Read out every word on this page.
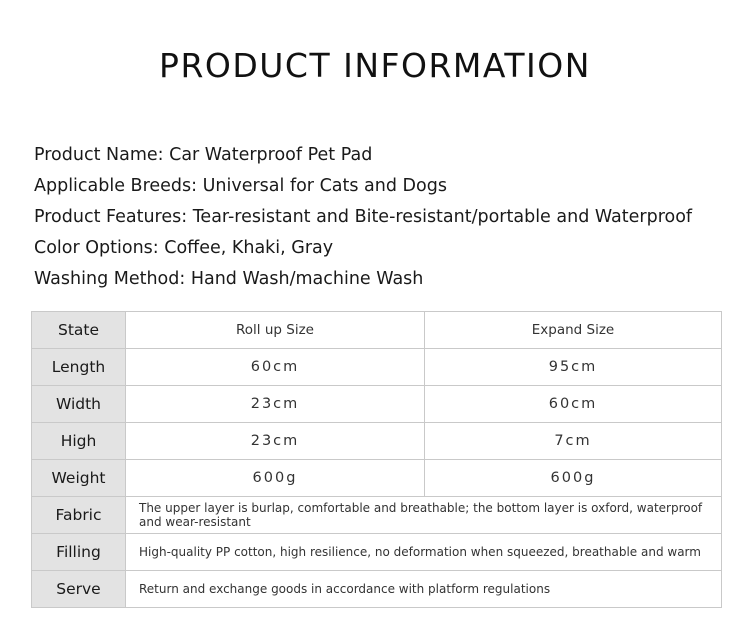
PRODUCT INFORMATION
Product Name: Car Waterproof Pet Pad
Applicable Breeds: Universal for Cats and Dogs
Product Features: Tear-resistant and Bite-resistant/portable and Waterproof
Color Options: Coffee, Khaki, Gray
Washing Method: Hand Wash/machine Wash
State	Roll up Size	Expand Size
Length	60cm	95cm
Width	23cm	60cm
High	23cm	7cm
Weight	600g	600g
Fabric	The upper layer is burlap, comfortable and breathable; the bottom layer is oxford, waterproof and wear-resistant	
Filling	High-quality PP cotton, high resilience, no deformation when squeezed, breathable and warm	
Serve	Return and exchange goods in accordance with platform regulations	
